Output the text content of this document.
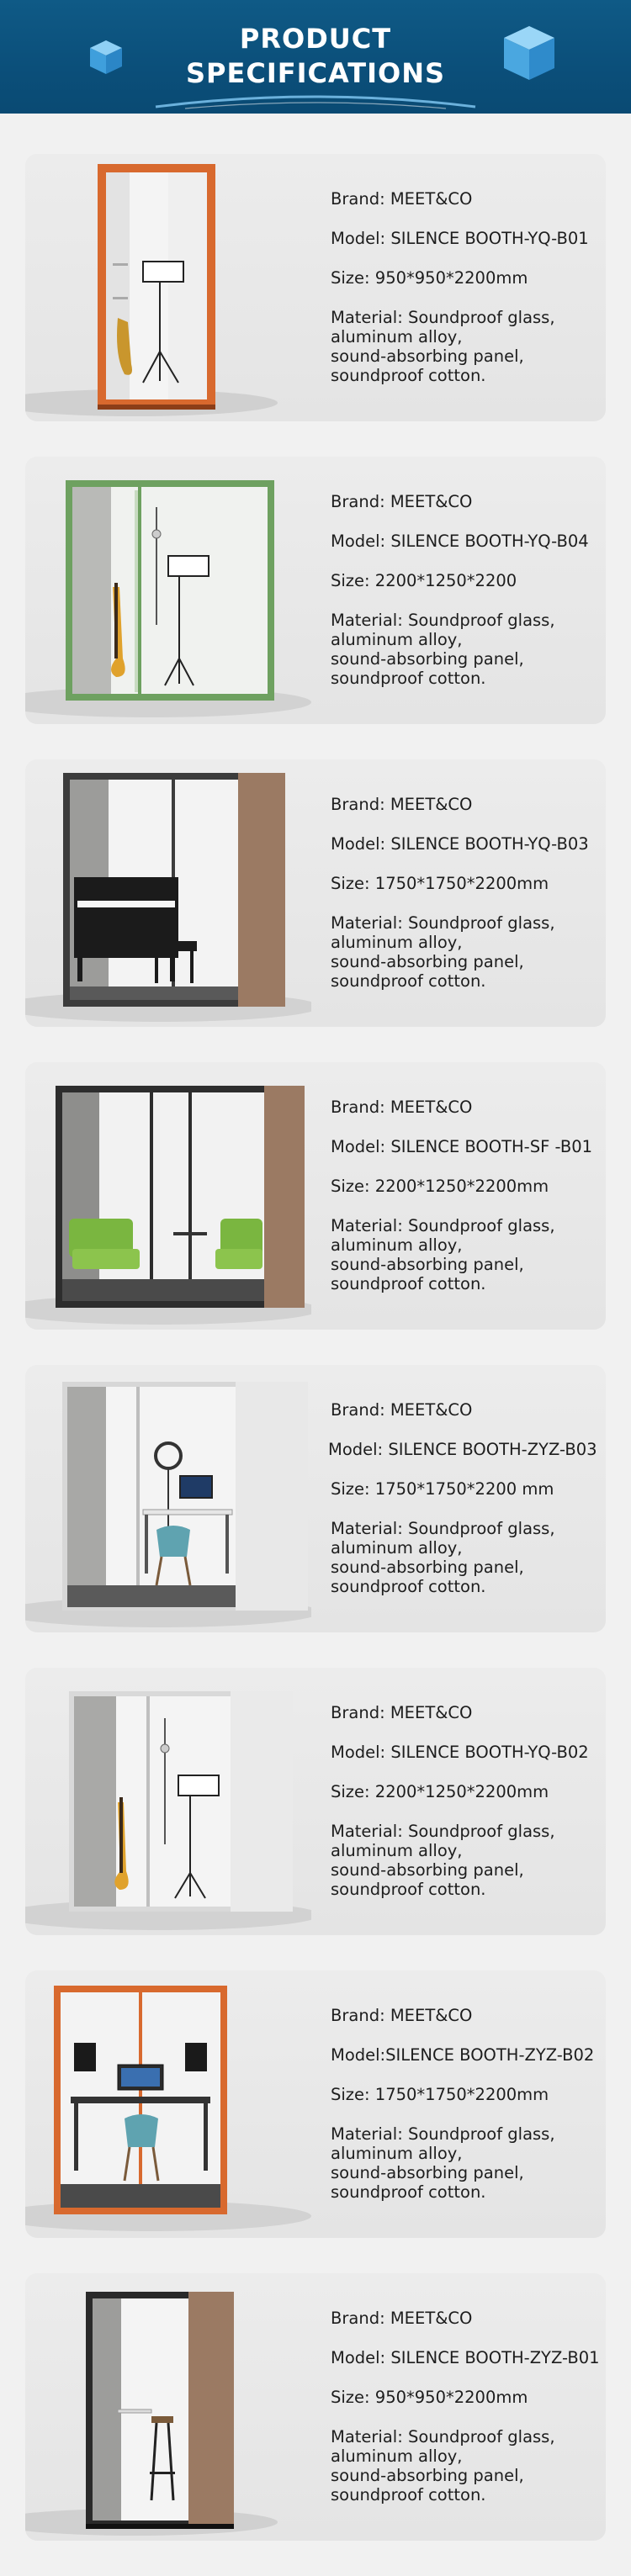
PRODUCT
SPECIFICATIONS
Brand: MEET&CO
Model: SILENCE BOOTH-YQ-B01
Size: 950*950*2200mm
Material: Soundproof glass,
aluminum alloy,
sound-absorbing panel,
soundproof cotton.
Brand: MEET&CO
Model: SILENCE BOOTH-YQ-B04
Size: 2200*1250*2200
Material: Soundproof glass,
aluminum alloy,
sound-absorbing panel,
soundproof cotton.
Brand: MEET&CO
Model: SILENCE BOOTH-YQ-B03
Size: 1750*1750*2200mm
Material: Soundproof glass,
aluminum alloy,
sound-absorbing panel,
soundproof cotton.
Brand: MEET&CO
Model: SILENCE BOOTH-SF -B01
Size: 2200*1250*2200mm
Material: Soundproof glass,
aluminum alloy,
sound-absorbing panel,
soundproof cotton.
Brand: MEET&CO
Model: SILENCE BOOTH-ZYZ-B03
Size: 1750*1750*2200 mm
Material: Soundproof glass,
aluminum alloy,
sound-absorbing panel,
soundproof cotton.
Brand: MEET&CO
Model: SILENCE BOOTH-YQ-B02
Size: 2200*1250*2200mm
Material: Soundproof glass,
aluminum alloy,
sound-absorbing panel,
soundproof cotton.
Brand: MEET&CO
Model:SILENCE BOOTH-ZYZ-B02
Size: 1750*1750*2200mm
Material: Soundproof glass,
aluminum alloy,
sound-absorbing panel,
soundproof cotton.
Brand: MEET&CO
Model: SILENCE BOOTH-ZYZ-B01
Size: 950*950*2200mm
Material: Soundproof glass,
aluminum alloy,
sound-absorbing panel,
soundproof cotton.
